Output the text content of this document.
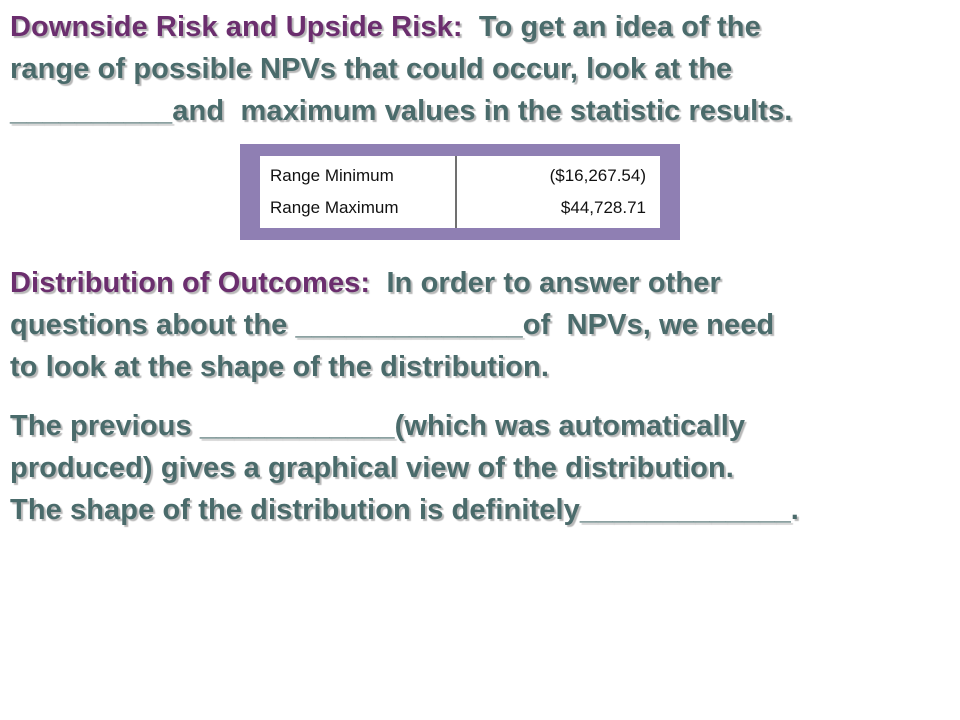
Downside Risk and Upside Risk:  To get an idea of the
range of possible NPVs that could occur, look at the
__________and  maximum values in the statistic results.
Range Minimum	($16,267.54)
Range Maximum	$44,728.71
Distribution of Outcomes:  In order to answer other
questions about the ______________of  NPVs, we need
to look at the shape of the distribution.
The previous ____________(which was automatically
produced) gives a graphical view of the distribution.
The shape of the distribution is definitely_____________.
